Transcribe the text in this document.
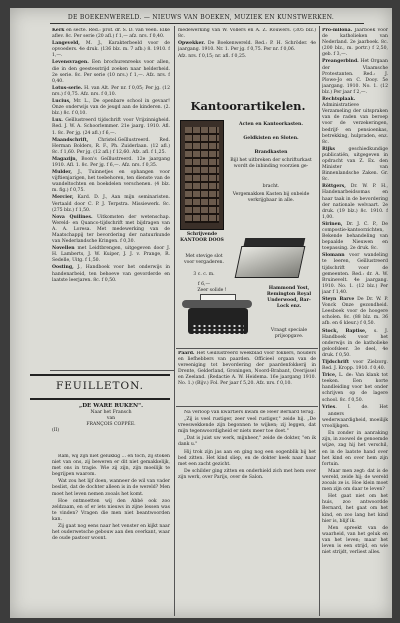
DE BOEKENWERELD. — NIEUWS VAN BOEKEN, MUZIEK EN KUNSTWERKEN.

Kerk en secte. Red.: prof. dr. S. D. van Veen. Elke aflev. 8c. Per serie (20 afl.) f 1,— afz. nrs. f 0,40.

Langeveld, M. J., Karakterbeeld voor de opvoeders. 4e druk. (136 blz. m. 7 afb.) 8. 1910. f 1,—.

Levensvragen. Een brochurenreeks voor allen, die in den geestesstrijd zoeken naar helderheid. 2e serie. 8c. Per serie (10 nrs.) f 1,—. Afz. nrs. f 0,40.

Lotus-serie. H. van Alt. Per nr. f 0,05; Per jg. (12 nrs.) f 0,75. Afz. nrs. f 0,10.

Lucius, Mr. L., De openbare school in gevaar! Onze onderwijs van de jeugd aan de kinderen. (2. blz.) 8c. f 0,10.

Lux. Geïllustreerd tijdschrift voor Vrijzinnigheid. Red. J. W. A. Schoorlemmer. 21e jaarg. 1910. Afl. 1. 8c. Per jg. (24 afl.) f 6,—.

Maandschrift, Christel.Geïllustreerd. Red. Herman Bolders, R. F., Ph. Zuiderlaan. (12 afl.) 8c. f 1,60. Per jg. (12 afl.) f 12,60. Afz. afl. f 1,25.

Magazijn, Boon's Geïllustreerd. 12e jaargang 1910. Afl. 1. 8c. Per jg. f 6,—. Afz. nrs. f 0,35.

Mulder, J., Tuinnetjes en ophangen voor vijftienjarigen, het toebehoren, ten dienste van de wandeltochten en boekdelen verschenen. (4 blz. m. fig.) f 0,75.

Mercier, Kard. D. J., Aan mijn seminaristen. Vertaald door C. P. J. Terpstra. Missiewerk. 8c. (275 blz.) f 1,50.

Nova Quilines. Uitkomsten der wetenschap. Wereld- en Quanco-tijdschrift met bijdragen van A. A. Loresa. Met medewerking van de Maatschappij ter bevordering der natuurkunde van Nederlandsche Kringen. f 0,30.

Novellen met Leidtbrengen, uitgegeven door J. H. Lamberts, J. W. Kuiper, J. J. v. Prange, R. Sedelle, Uitg. f 1,50.

Oosting, J., Handboek voor het onderwijs in handenarbeid, ten behoeve van gevorderde en laatste leerjaren. 8c. f 0,50.

medewerking van W. Vollers en A. Z. Rouwers. (305 blz.) 8c.

Opwekker. De Boekenwereld. Red.: P. H. Schröder. 4e jaargang. 1910. Nr. 1. Per jg. f 0,75. Per nr. f 0,06.

Afz. nrs. f 0,15; nr. afl. f 0,25.

Kantoorartikelen.
Acten en Kantoorkasten.
Geldkisten en Sloten.
Brandkasten
Bijl het uitbreken der schrifturkast wordt de inbinding voorzien ge-
bracht.
Vergemakken Kasten bij onbeide verkrijgbaar in alle.
Schrijvende KANTOOR DOOS
Met stevige slot voor vergaderen.
3 c. c. m.
f 6,—
Zeer solide !	Hammond Yost, Remington Royal Underwood, Bar-Lock enz.
Vraagt speciale prijsopgave.

Paard. Het Geïllustreerd weekblad voor fokkers, houders en liefhebbers van paarden. Officieel orgaan van de vereeniging tot bevordering der paardenfokkerij in Drente, Gelderland, Groningen, Noord-Brabant, Overijssel en Zeeland. (Redactie A. W. Heidema. 16e jaargang 1910. No. 1.) (Bijv.) Fol. Per jaar f 5,20. Afz. nrs. f 0,10.

Pro-milona. Jaarboek voor de katholieken van Nederland. 2e jaarboek. 8c. (200 blz., m. portr.) f 2,50, geb. f 3,—.

Preangerbind. Het Orgaan der Vlaamsche Protestanten. Red.: J. Plowe-Jo en C. Dooy. 5e jaargang. 1910. No. 1. (12 blz.) Per jaar f 2,—.

Rechtsplaak. Administratieve Verzameling der uitspraken van de raden van beroep voor de verzekeringen, bedrijf- en pensioenkas, betrekking, hulpraden, enz. 8c.

Rijks	geschiedkundige publicatiën, uitgegeven in opdracht van Z. Ex. den Minister van Binnenlandsche Zaken. Gr. 8c.

Röttgers, Dr. W. P. H., Handenarbeidsomas en haar taak in de bevordering der nationale welvaart. 2e druk. (19 blz.) 8c. 1910. f 1,00.

Sirinen, Dr. J. C. P., De compostie-kantoorzichten, Bekende behandeling van bepaalde Nieuwen en toepassing. 2e druk. 8c.

Slomann voor wandeling te leeren, Geïllustreerd tijdschrift voor de gemeenten. Red.: dr. A. W. Bruinevelt. 4e jaargang. 1910. No. 1. (12 blz.) Per jaar f 1,40.

Steyn Barve De Dr. W. P. Vonck Onze gezondheid. Leesboek voor de hoogere scholen. 8c. (88 blz. m. 36 afb. en 6 kleur.) f 0,50.

Stock, Baptise, s. J. Handboek voor het onderwijs in de katholieke geloofsleer. 3e deel, 4e druk. f 0,50.

Tijdschrift voor Zielzorg. Red. J. Kropp. 1910. f 0,40.

Trice, L. de: Van klank tot teeken. Een korte handleiding voor het onder schrijven op de lagere school. 8c. f 0,50.

Vries, J. de, Het

FEUILLETON.
„DE WARE RUKEN".
Naar het Fransch
van
FRANÇOIS COPPÉE.
(II)

Ram, wij zijn niet gelukkig ... en toch, zij stoken niet van ons, zij beweren er dit niet gemakkelijk, met ons in tragie. Wie zij zijn, zijn moeilijk te begrijpen waarom.

Wat zou het lijf doen, wanneer de wil van vader beslist, dat de dochter alleen is in de wereld? Men moet het leven nemen zooals het komt.

Hoe ontmoetten wij den Abbé ook zoo zeldzaam, en of er iets nieuws in zijne lessen was te vinden? Vragen die men niet beantwoorden kan.

Zij gaat nog eens naar het venster en kijkt naar het ouderwetsche gebouw aan den overkant, waar de oude pastoor woont.

Na verloop van kwartiers kwam de Heer Bernard terug.

„Zij is veel rustiger, zeer veel rustiger," zeide hij. „De vreeswekkende zijn begonnen te wijken; zij leggen, dat mijn tegenwoordigheid er niets meer toe doet."

„Dat is juist uw werk, mijnheer," zeide de dokter, "en ik dank u."

Hij trok zijn jas aan en ging nog een oogenblik bij het bed zitten. Het kind sliep, en de dokter keek naar haar met een zacht gezicht.

De schilder ging zitten en onderhield zich met hem over zijn werk, over Parijs, over de Salon.

anders wederwaardigheid, moeilijk vroolijkgen.

En zonder in aanraking zijn, in zoowel de genoemde wijze, zag hij het verschil, en in de laatste hand over het kind en over hem zijn fortuin.

Maar men zegt: dat is de wereld, zeide hij; de wereld zooals ze is. Hoe klein moet men zijn om daar te leven?

Het gaat niet om het huis, zoo antwoordde Bernard, het gaat om het kind, en zoo lang het kind hier is, blijf ik.

Men spreekt van de waarheid, van het geluk en van het leven; maar het leven is een strijd, en wie niet strijdt, verliest alles.
